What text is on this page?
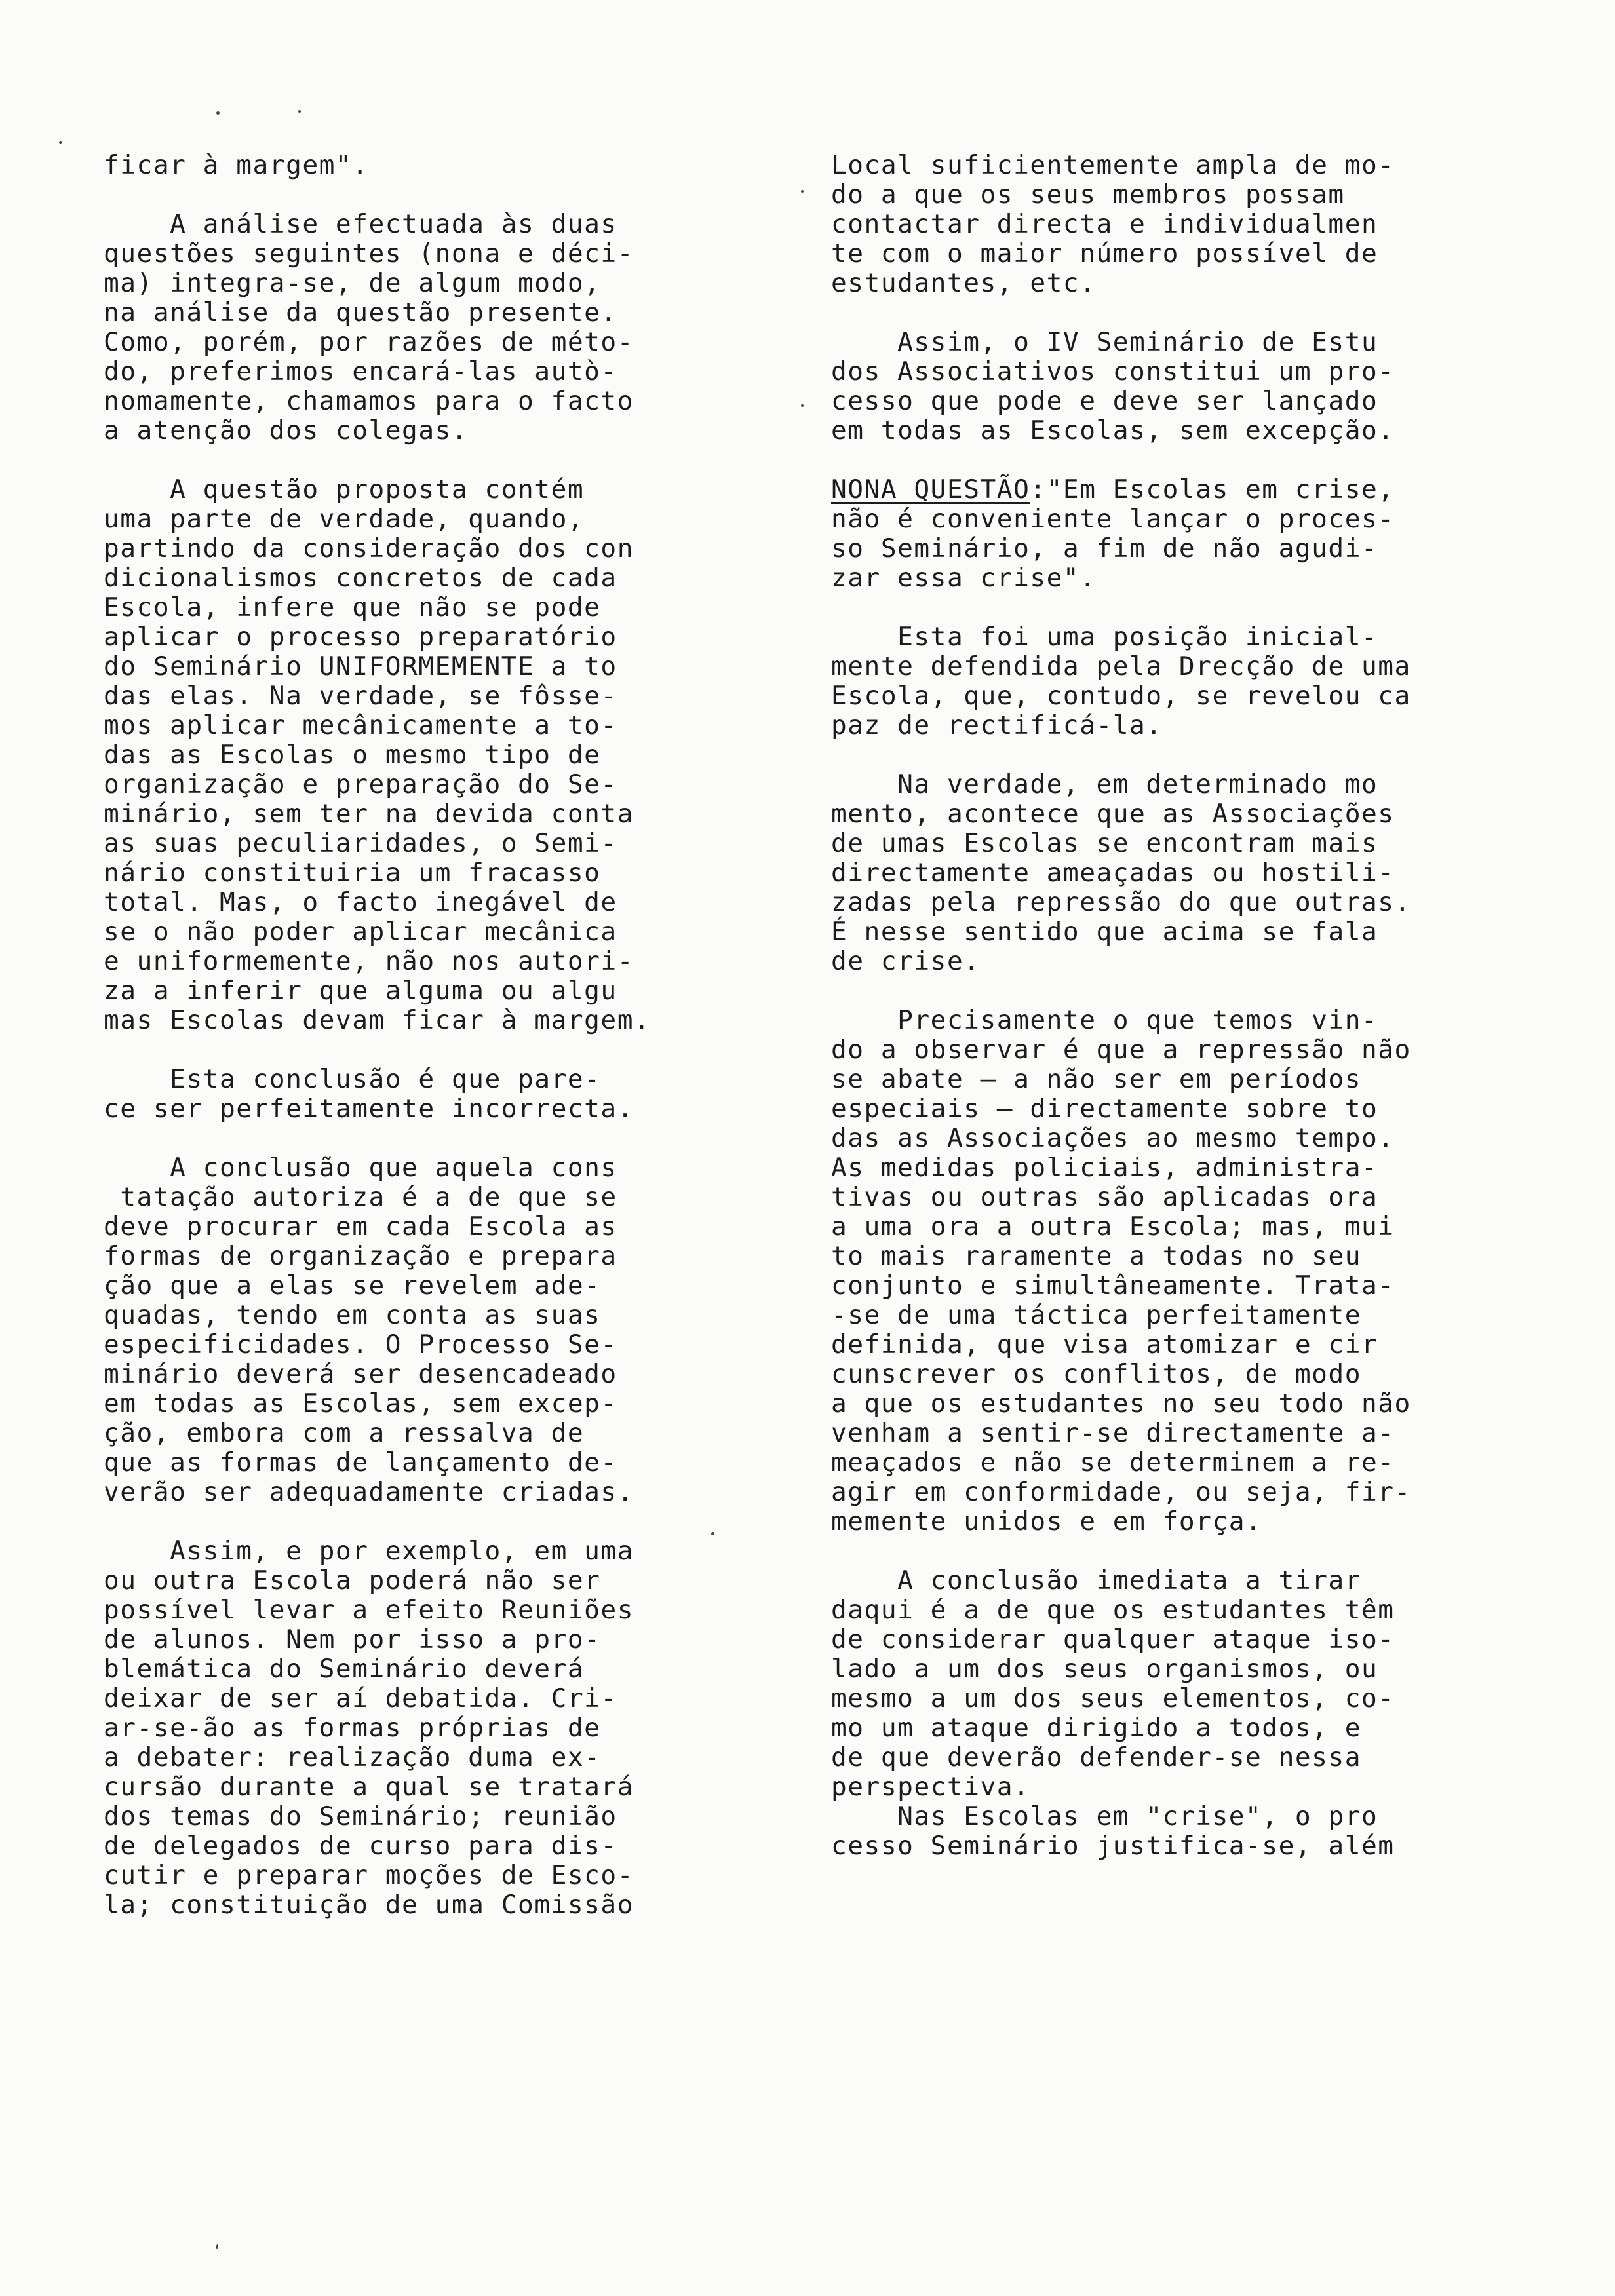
ficar à margem".
A análise efectuada às duas
questões seguintes (nona e déci-
ma) integra-se, de algum modo,
na análise da questão presente.
Como, porém, por razões de méto-
do, preferimos encará-las autò-
nomamente, chamamos para o facto
a atenção dos colegas.
A questão proposta contém
uma parte de verdade, quando,
partindo da consideração dos con
dicionalismos concretos de cada
Escola, infere que não se pode
aplicar o processo preparatório
do Seminário UNIFORMEMENTE a to
das elas. Na verdade, se fôsse-
mos aplicar mecânicamente a to-
das as Escolas o mesmo tipo de
organização e preparação do Se-
minário, sem ter na devida conta
as suas peculiaridades, o Semi-
nário constituiria um fracasso
total. Mas, o facto inegável de
se o não poder aplicar mecânica
e uniformemente, não nos autori-
za a inferir que alguma ou algu
mas Escolas devam ficar à margem.
Esta conclusão é que pare-
ce ser perfeitamente incorrecta.
A conclusão que aquela cons
tatação autoriza é a de que se
deve procurar em cada Escola as
formas de organização e prepara
ção que a elas se revelem ade-
quadas, tendo em conta as suas
especificidades. O Processo Se-
minário deverá ser desencadeado
em todas as Escolas, sem excep-
ção, embora com a ressalva de
que as formas de lançamento de-
verão ser adequadamente criadas.
Assim, e por exemplo, em uma
ou outra Escola poderá não ser
possível levar a efeito Reuniões
de alunos. Nem por isso a pro-
blemática do Seminário deverá
deixar de ser aí debatida. Cri-
ar-se-ão as formas próprias de
a debater: realização duma ex-
cursão durante a qual se tratará
dos temas do Seminário; reunião
de delegados de curso para dis-
cutir e preparar moções de Esco-
la; constituição de uma Comissão
Local suficientemente ampla de mo-
do a que os seus membros possam
contactar directa e individualmen
te com o maior número possível de
estudantes, etc.
Assim, o IV Seminário de Estu
dos Associativos constitui um pro-
cesso que pode e deve ser lançado
em todas as Escolas, sem excepção.
NONA QUESTÃO:"Em Escolas em crise,
não é conveniente lançar o proces-
so Seminário, a fim de não agudi-
zar essa crise".
Esta foi uma posição inicial-
mente defendida pela Drecção de uma
Escola, que, contudo, se revelou ca
paz de rectificá-la.
Na verdade, em determinado mo
mento, acontece que as Associações
de umas Escolas se encontram mais
directamente ameaçadas ou hostili-
zadas pela repressão do que outras.
É nesse sentido que acima se fala
de crise.
Precisamente o que temos vin-
do a observar é que a repressão não
se abate — a não ser em períodos
especiais — directamente sobre to
das as Associações ao mesmo tempo.
As medidas policiais, administra-
tivas ou outras são aplicadas ora
a uma ora a outra Escola; mas, mui
to mais raramente a todas no seu
conjunto e simultâneamente. Trata-
-se de uma táctica perfeitamente
definida, que visa atomizar e cir
cunscrever os conflitos, de modo
a que os estudantes no seu todo não
venham a sentir-se directamente a-
meaçados e não se determinem a re-
agir em conformidade, ou seja, fir-
memente unidos e em força.
A conclusão imediata a tirar
daqui é a de que os estudantes têm
de considerar qualquer ataque iso-
lado a um dos seus organismos, ou
mesmo a um dos seus elementos, co-
mo um ataque dirigido a todos, e
de que deverão defender-se nessa
perspectiva.
Nas Escolas em "crise", o pro
cesso Seminário justifica-se, além
